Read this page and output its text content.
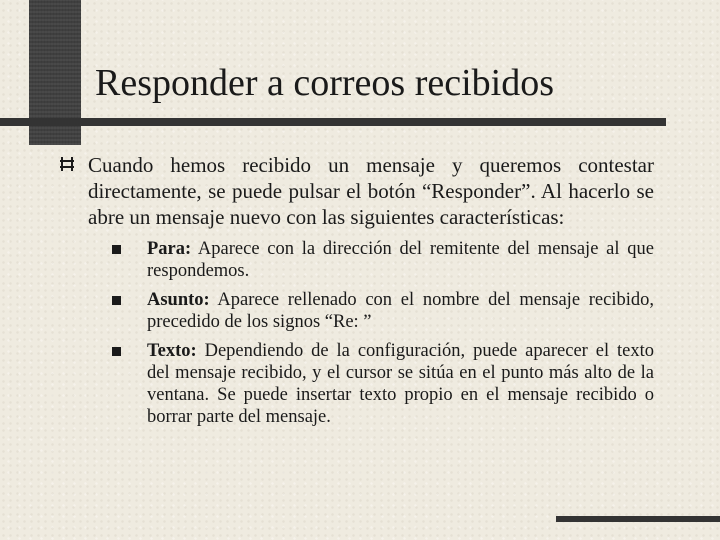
Responder a correos recibidos

Cuando hemos recibido un mensaje y queremos contestar directamente, se puede pulsar el botón “Responder”. Al hacerlo se abre un mensaje nuevo con las siguientes características:

Para: Aparece con la dirección del remitente del mensaje al que respondemos.

Asunto: Aparece rellenado con el nombre del mensaje recibido, precedido de los signos “Re: ”

Texto: Dependiendo de la configuración, puede aparecer el texto del mensaje recibido, y el cursor se sitúa en el punto más alto de la ventana. Se puede insertar texto propio en el mensaje recibido o borrar parte del mensaje.
